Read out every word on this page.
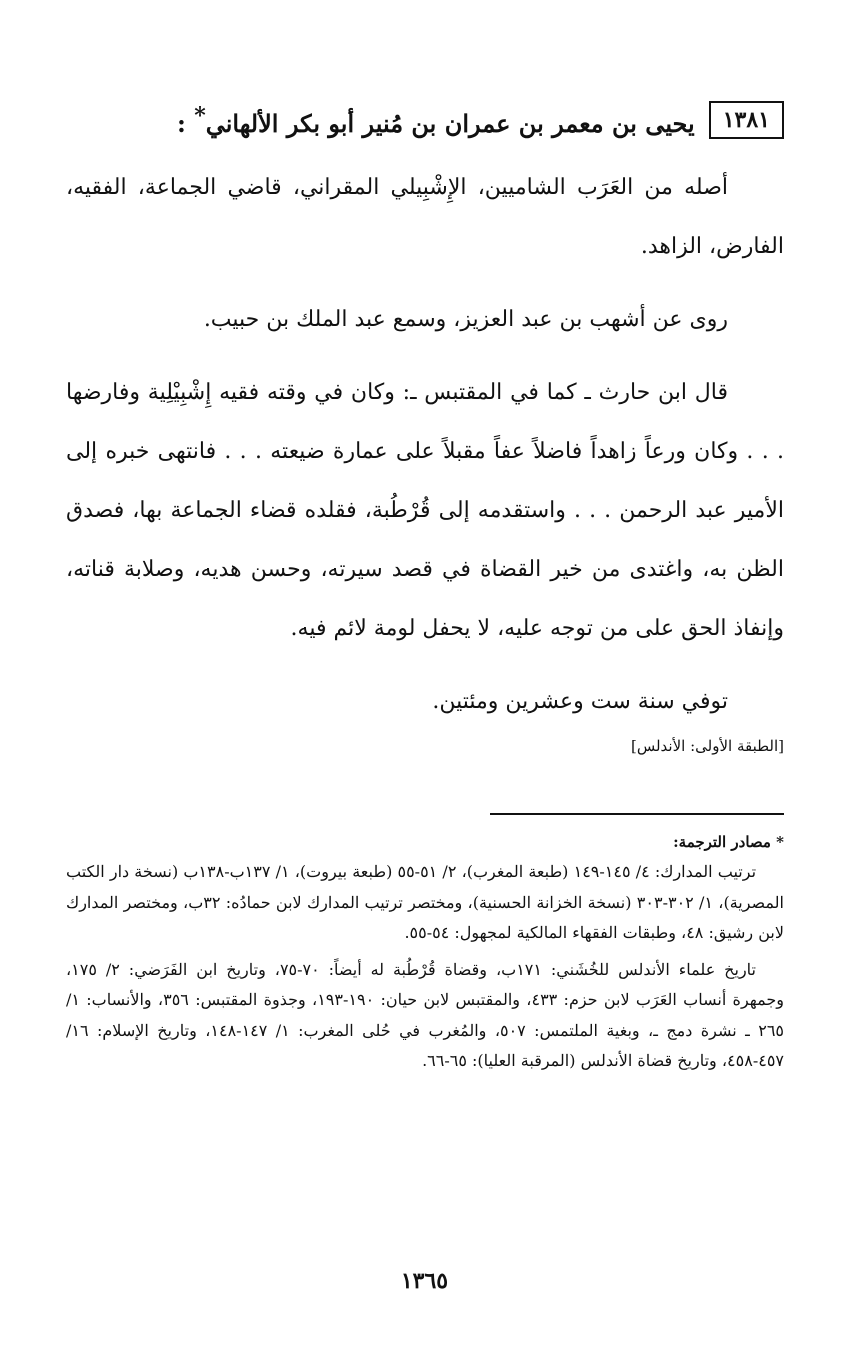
١٣٨١
يحيى بن معمر بن عمران بن مُنير أبو بكر الألهاني* :

أصله من العَرَب الشاميين، الإِشْبِيلي المقراني، قاضي الجماعة، الفقيه، الفارض، الزاهد.

روى عن أشهب بن عبد العزيز، وسمع عبد الملك بن حبيب.

قال ابن حارث ـ كما في المقتبس ـ: وكان في وقته فقيه إِشْبِيْلِية وفارضها . . . وكان ورعاً زاهداً فاضلاً عفاً مقبلاً على عمارة ضيعته . . . فانتهى خبره إلى الأمير عبد الرحمن . . . واستقدمه إلى قُرْطُبة، فقلده قضاء الجماعة بها، فصدق الظن به، واغتدى من خير القضاة في قصد سيرته، وحسن هديه، وصلابة قناته، وإنفاذ الحق على من توجه عليه، لا يحفل لومة لائم فيه.

توفي سنة ست وعشرين ومئتين.

[الطبقة الأولى: الأندلس]

* مصادر الترجمة:

ترتيب المدارك: ٤/ ١٤٥-١٤٩ (طبعة المغرب)، ٢/ ٥١-٥٥ (طبعة بيروت)، ١/ ١٣٧ب-١٣٨ب (نسخة دار الكتب المصرية)، ١/ ٣٠٢-٣٠٣ (نسخة الخزانة الحسنية)، ومختصر ترتيب المدارك لابن حمادُه: ٣٢ب، ومختصر المدارك لابن رشيق: ٤٨، وطبقات الفقهاء المالكية لمجهول: ٥٤-٥٥.

تاريخ علماء الأندلس للخُشَني: ١٧١ب، وقضاة قُرْطُبة له أيضاً: ٧٠-٧٥، وتاريخ ابن الفَرَضي: ٢/ ١٧٥، وجمهرة أنساب العَرَب لابن حزم: ٤٣٣، والمقتبس لابن حيان: ١٩٠-١٩٣، وجذوة المقتبس: ٣٥٦، والأنساب: ١/ ٢٦٥ ـ نشرة دمج ـ، وبغية الملتمس: ٥٠٧، والمُغرب في حُلى المغرب: ١/ ١٤٧-١٤٨، وتاريخ الإسلام: ١٦/ ٤٥٧-٤٥٨، وتاريخ قضاة الأندلس (المرقبة العليا): ٦٥-٦٦.

١٣٦٥
